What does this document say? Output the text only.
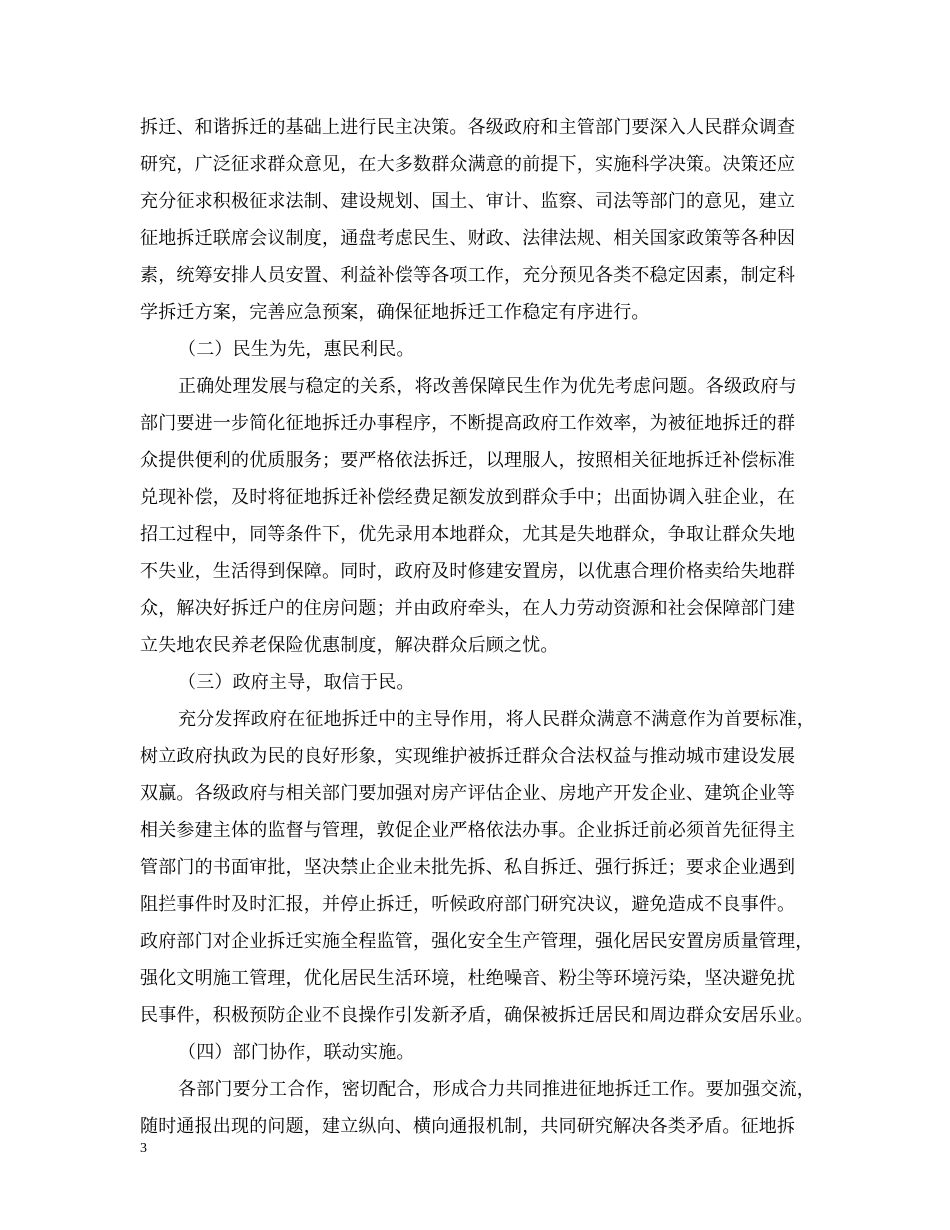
拆迁、和谐拆迁的基础上进行民主决策。各级政府和主管部门要深入人民群众调查
研究，广泛征求群众意见，在大多数群众满意的前提下，实施科学决策。决策还应
充分征求积极征求法制、建设规划、国土、审计、监察、司法等部门的意见，建立
征地拆迁联席会议制度，通盘考虑民生、财政、法律法规、相关国家政策等各种因
素，统筹安排人员安置、利益补偿等各项工作，充分预见各类不稳定因素，制定科
学拆迁方案，完善应急预案，确保征地拆迁工作稳定有序进行。
（二）民生为先，惠民利民。
正确处理发展与稳定的关系，将改善保障民生作为优先考虑问题。各级政府与
部门要进一步简化征地拆迁办事程序，不断提高政府工作效率，为被征地拆迁的群
众提供便利的优质服务；要严格依法拆迁，以理服人，按照相关征地拆迁补偿标准
兑现补偿，及时将征地拆迁补偿经费足额发放到群众手中；出面协调入驻企业，在
招工过程中，同等条件下，优先录用本地群众，尤其是失地群众，争取让群众失地
不失业，生活得到保障。同时，政府及时修建安置房，以优惠合理价格卖给失地群
众，解决好拆迁户的住房问题；并由政府牵头，在人力劳动资源和社会保障部门建
立失地农民养老保险优惠制度，解决群众后顾之忧。
（三）政府主导，取信于民。
充分发挥政府在征地拆迁中的主导作用，将人民群众满意不满意作为首要标准，
树立政府执政为民的良好形象，实现维护被拆迁群众合法权益与推动城市建设发展
双赢。各级政府与相关部门要加强对房产评估企业、房地产开发企业、建筑企业等
相关参建主体的监督与管理，敦促企业严格依法办事。企业拆迁前必须首先征得主
管部门的书面审批，坚决禁止企业未批先拆、私自拆迁、强行拆迁；要求企业遇到
阻拦事件时及时汇报，并停止拆迁，听候政府部门研究决议，避免造成不良事件。
政府部门对企业拆迁实施全程监管，强化安全生产管理，强化居民安置房质量管理，
强化文明施工管理，优化居民生活环境，杜绝噪音、粉尘等环境污染，坚决避免扰
民事件，积极预防企业不良操作引发新矛盾，确保被拆迁居民和周边群众安居乐业。
（四）部门协作，联动实施。
各部门要分工合作，密切配合，形成合力共同推进征地拆迁工作。要加强交流，
随时通报出现的问题，建立纵向、横向通报机制，共同研究解决各类矛盾。征地拆
3
